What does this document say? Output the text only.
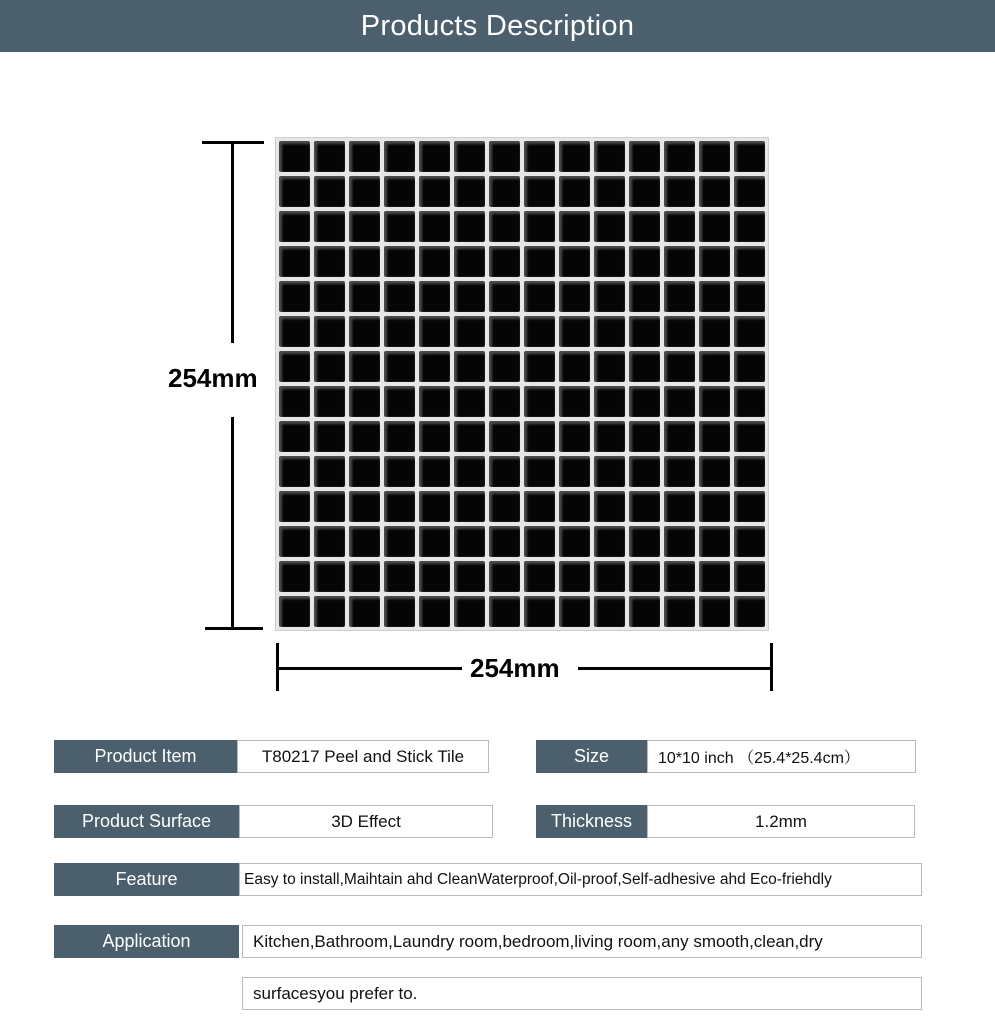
Products Description
254mm
254mm
Product Item	T80217 Peel and Stick Tile	Size	10*10 inch （25.4*25.4cm）
Product Surface	3D Effect	Thickness	1.2mm
Feature	Easy to install,Maihtain ahd CleanWaterproof,Oil-proof,Self-adhesive ahd Eco-friehdly
Application	Kitchen,Bathroom,Laundry room,bedroom,living room,any smooth,clean,dry
surfacesyou prefer to.
